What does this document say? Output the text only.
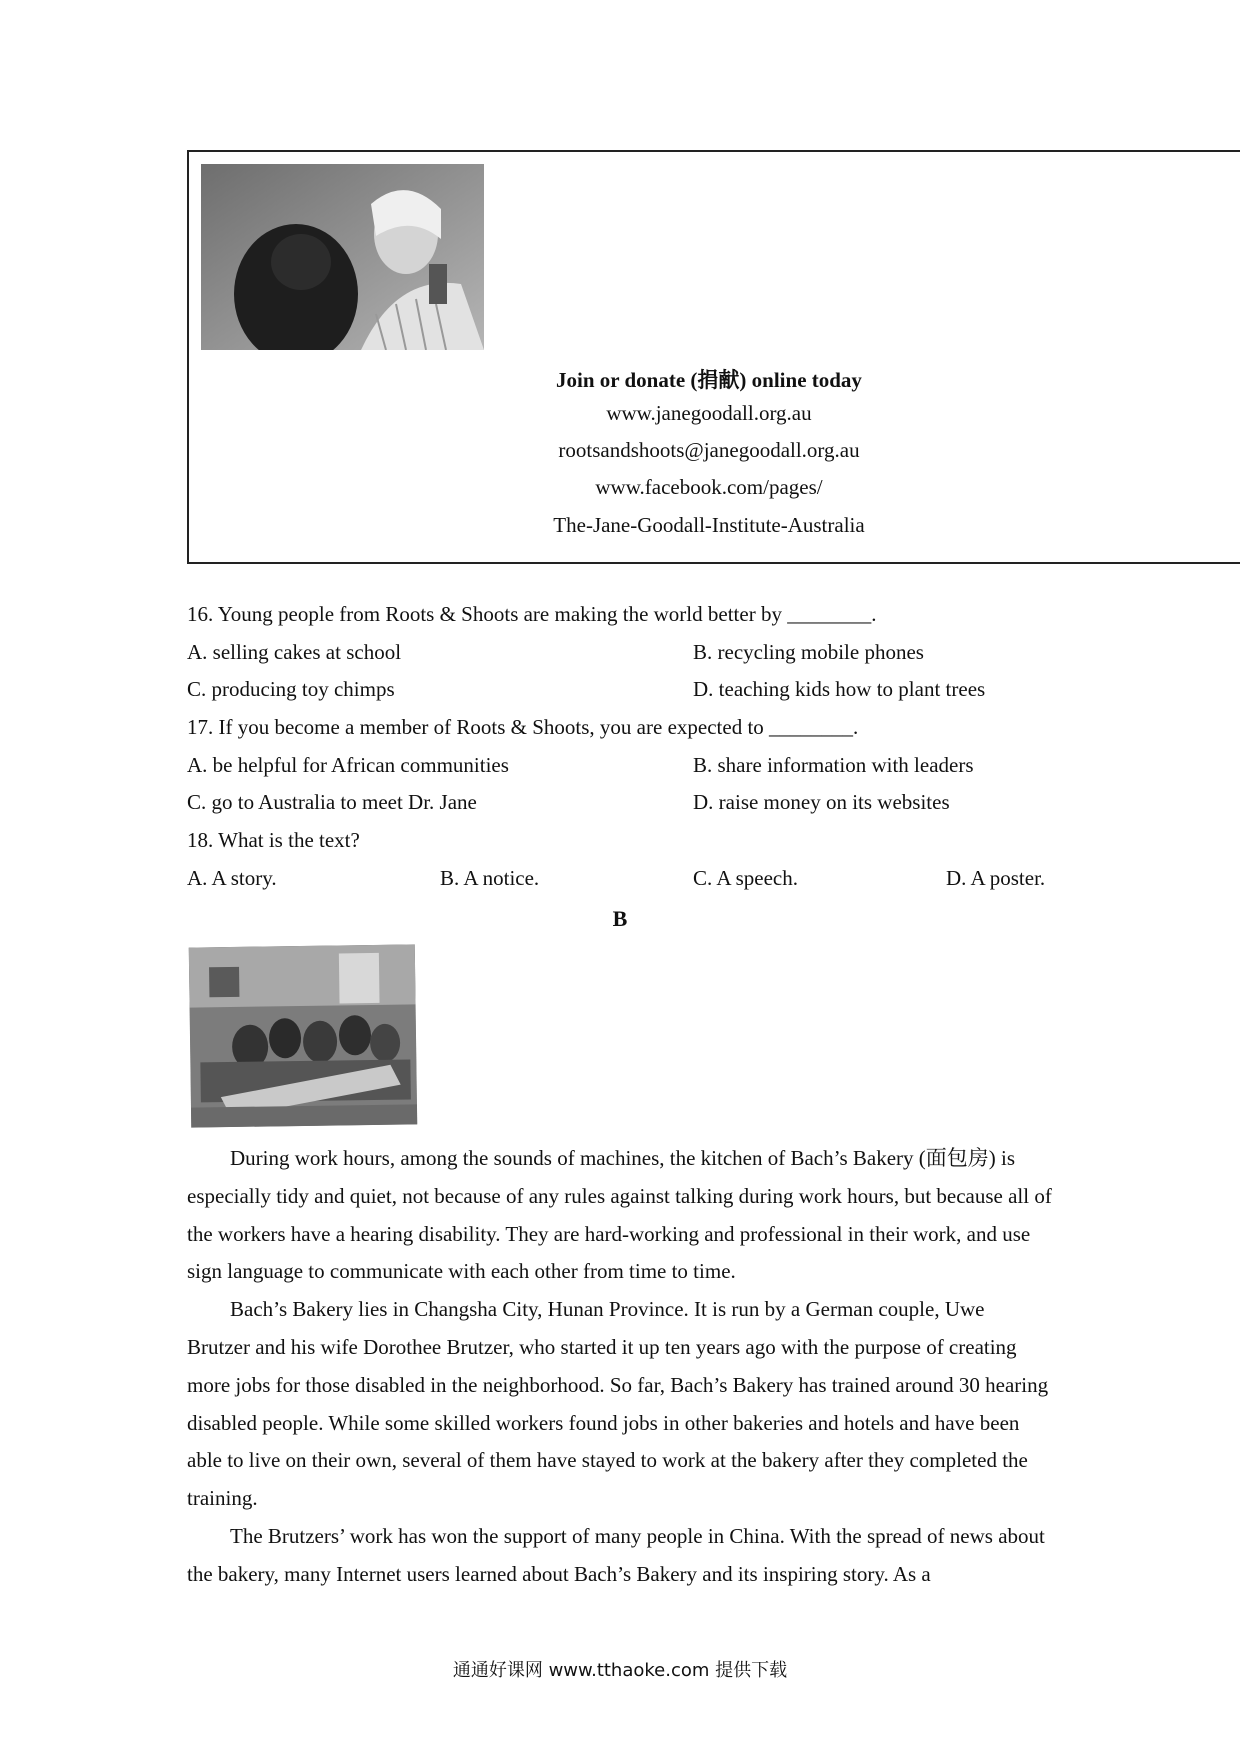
Join or donate (捐献) online today
www.janegoodall.org.au
rootsandshoots@janegoodall.org.au
www.facebook.com/pages/
The-Jane-Goodall-Institute-Australia
16. Young people from Roots & Shoots are making the world better by ________.
A. selling cakes at school	B. recycling mobile phones
C. producing toy chimps	D. teaching kids how to plant trees
17. If you become a member of Roots & Shoots, you are expected to ________.
A. be helpful for African communities	B. share information with leaders
C. go to Australia to meet Dr. Jane	D. raise money on its websites
18. What is the text?
A. A story.	B. A notice.	C. A speech.	D. A poster.
B

During work hours, among the sounds of machines, the kitchen of Bach’s Bakery (面包房) is especially tidy and quiet, not because of any rules against talking during work hours, but because all of the workers have a hearing disability. They are hard-working and professional in their work, and use sign language to communicate with each other from time to time.

Bach’s Bakery lies in Changsha City, Hunan Province. It is run by a German couple, Uwe Brutzer and his wife Dorothee Brutzer, who started it up ten years ago with the purpose of creating more jobs for those disabled in the neighborhood. So far, Bach’s Bakery has trained around 30 hearing disabled people. While some skilled workers found jobs in other bakeries and hotels and have been able to live on their own, several of them have stayed to work at the bakery after they completed the training.

The Brutzers’ work has won the support of many people in China. With the spread of news about the bakery, many Internet users learned about Bach’s Bakery and its inspiring story. As a

通通好课网 www.tthaoke.com 提供下载
